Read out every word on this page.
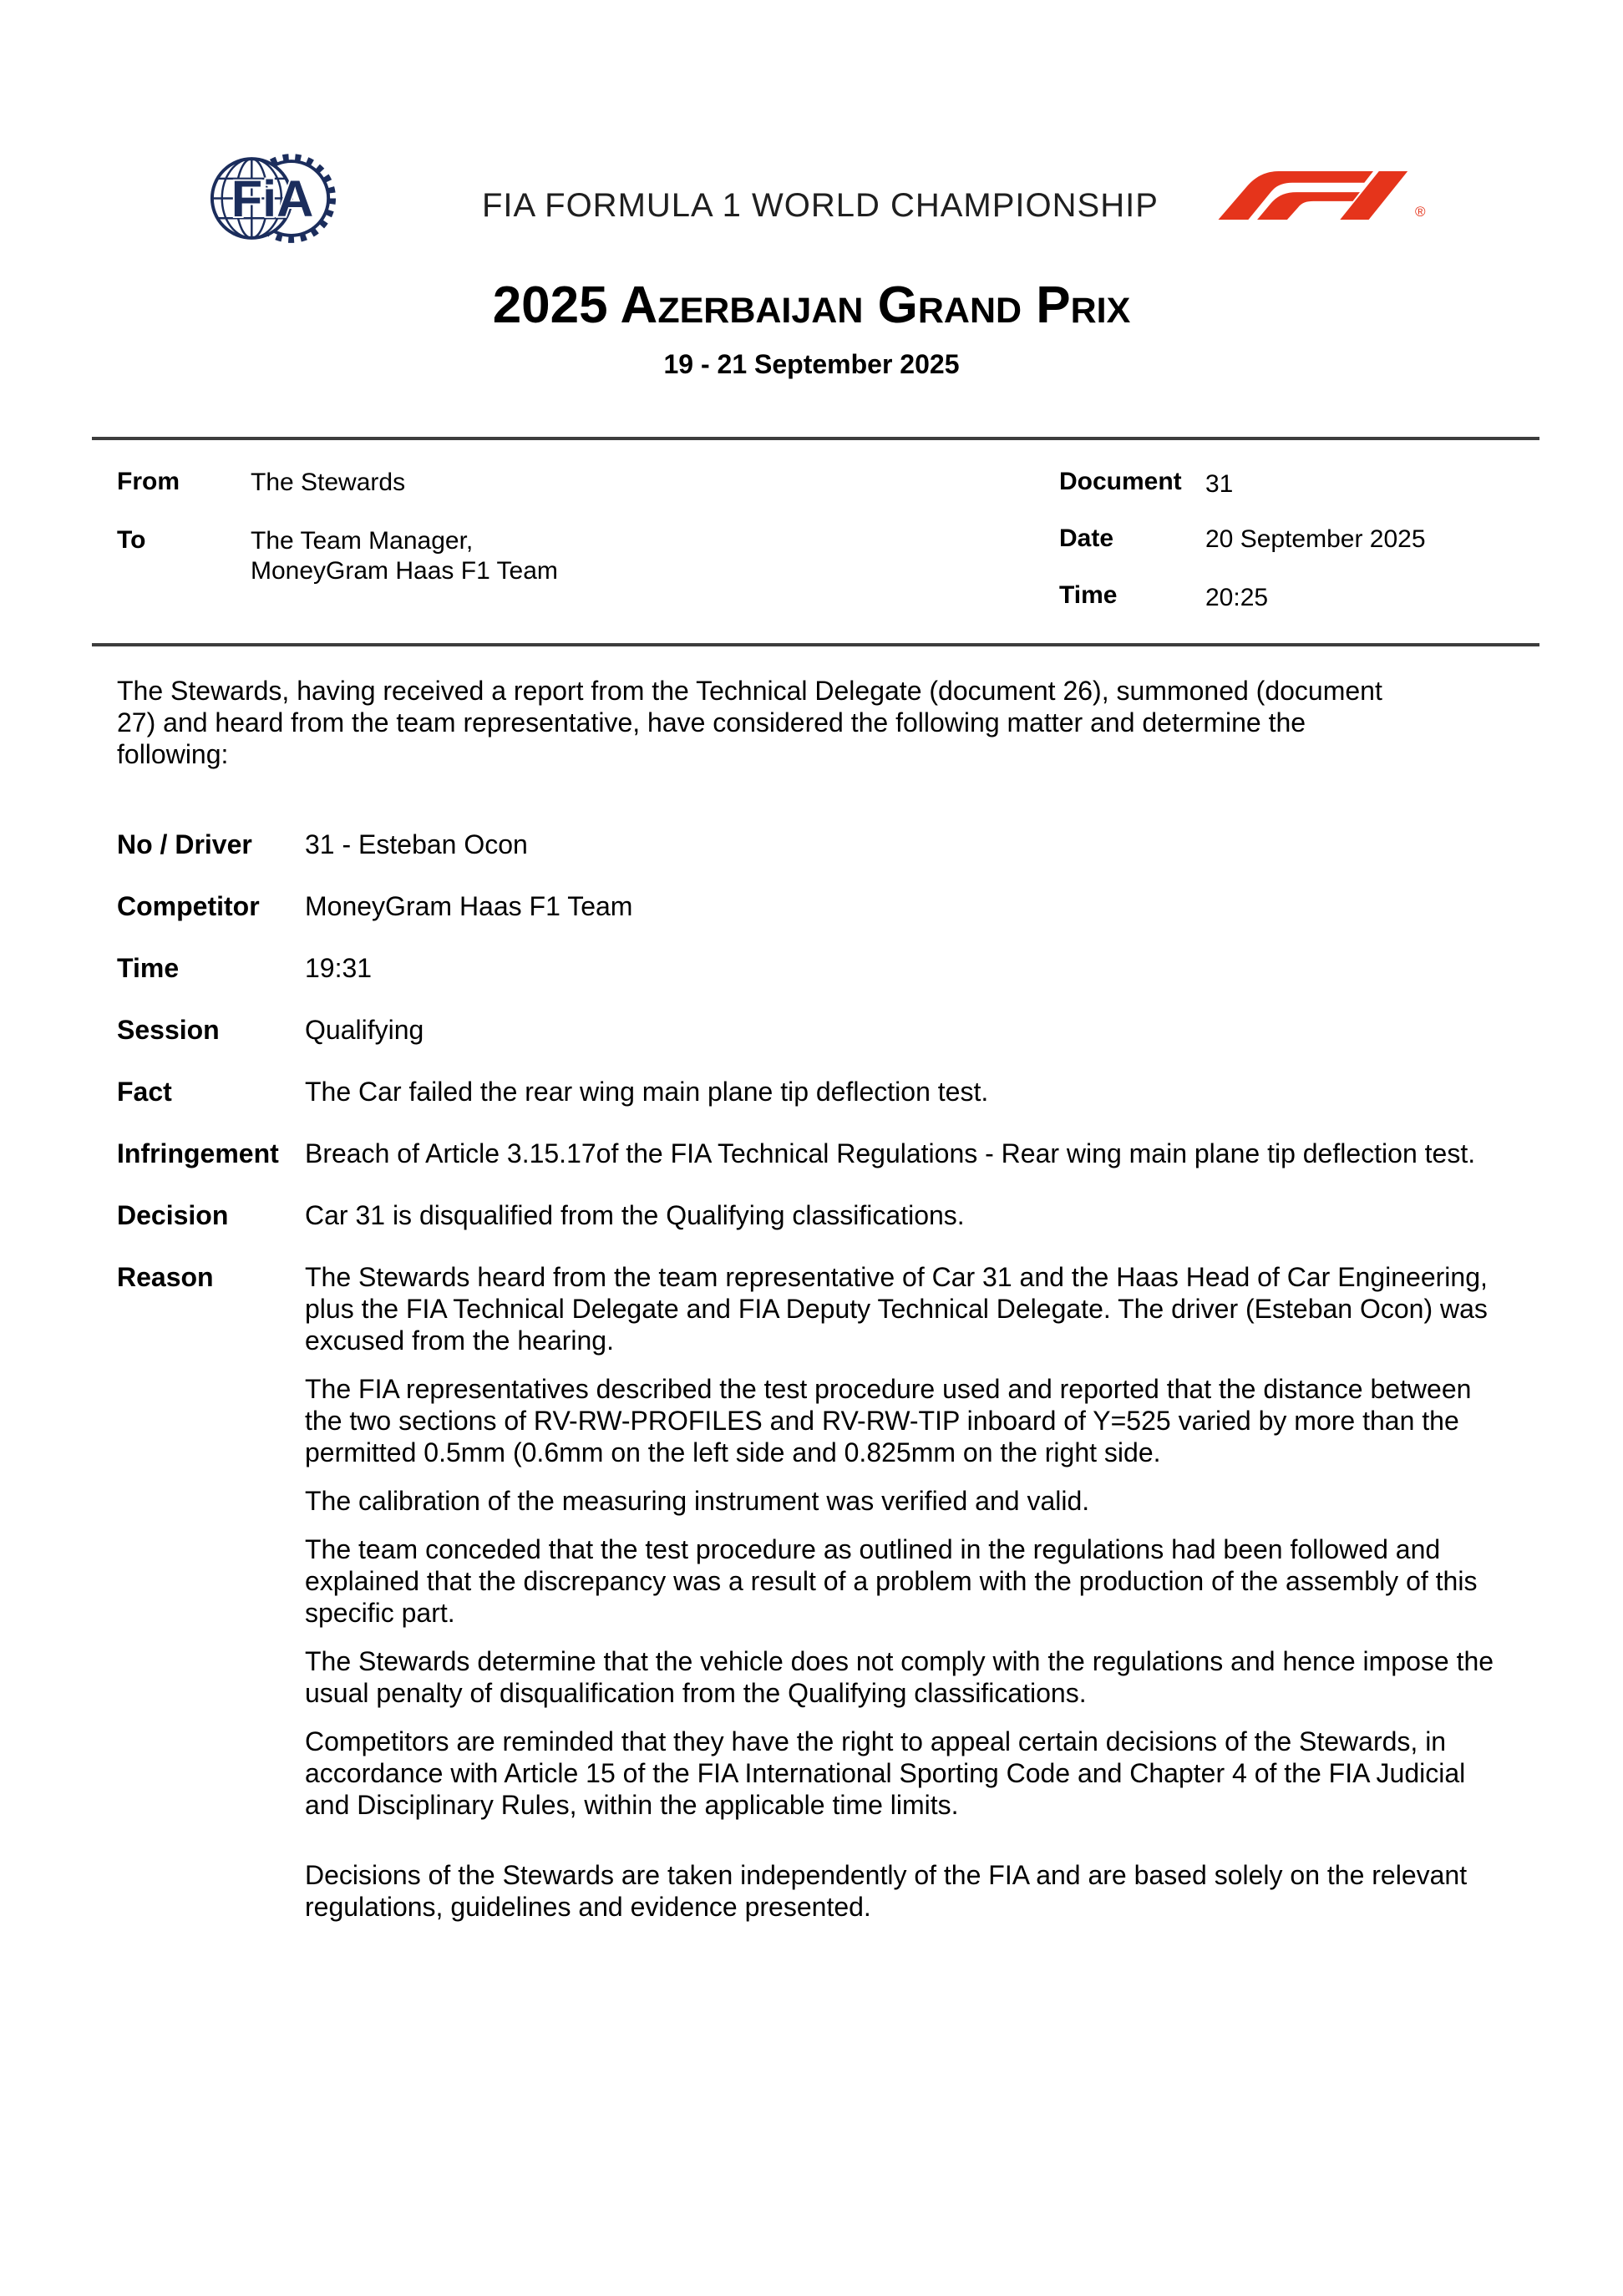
FiA	FIA FORMULA 1 WORLD CHAMPIONSHIP	®
2025 Azerbaijan Grand Prix
19 - 21 September 2025
From	The Stewards
To	The Team Manager,
MoneyGram Haas F1 Team
Document 31
Date	20 September 2025
Time	20:25

The Stewards, having received a report from the Technical Delegate (document 26), summoned (document 27) and heard from the team representative, have considered the following matter and determine the following:

No / Driver	31 - Esteban Ocon
Competitor	MoneyGram Haas F1 Team
Time	19:31
Session	Qualifying
Fact	The Car failed the rear wing main plane tip deflection test.
Infringement Breach of Article 3.15.17of the FIA Technical Regulations - Rear wing main plane tip deflection test.
Decision	Car 31 is disqualified from the Qualifying classifications.
Reason	The Stewards heard from the team representative of Car 31 and the Haas Head of Car Engineering, plus the FIA Technical Delegate and FIA Deputy Technical Delegate. The driver (Esteban Ocon) was excused from the hearing.

The FIA representatives described the test procedure used and reported that the distance between the two sections of RV-RW-PROFILES and RV-RW-TIP inboard of Y=525 varied by more than the permitted 0.5mm (0.6mm on the left side and 0.825mm on the right side.

The calibration of the measuring instrument was verified and valid.

The team conceded that the test procedure as outlined in the regulations had been followed and explained that the discrepancy was a result of a problem with the production of the assembly of this specific part.

The Stewards determine that the vehicle does not comply with the regulations and hence impose the usual penalty of disqualification from the Qualifying classifications.

Competitors are reminded that they have the right to appeal certain decisions of the Stewards, in accordance with Article 15 of the FIA International Sporting Code and Chapter 4 of the FIA Judicial and Disciplinary Rules, within the applicable time limits.

Decisions of the Stewards are taken independently of the FIA and are based solely on the relevant regulations, guidelines and evidence presented.
